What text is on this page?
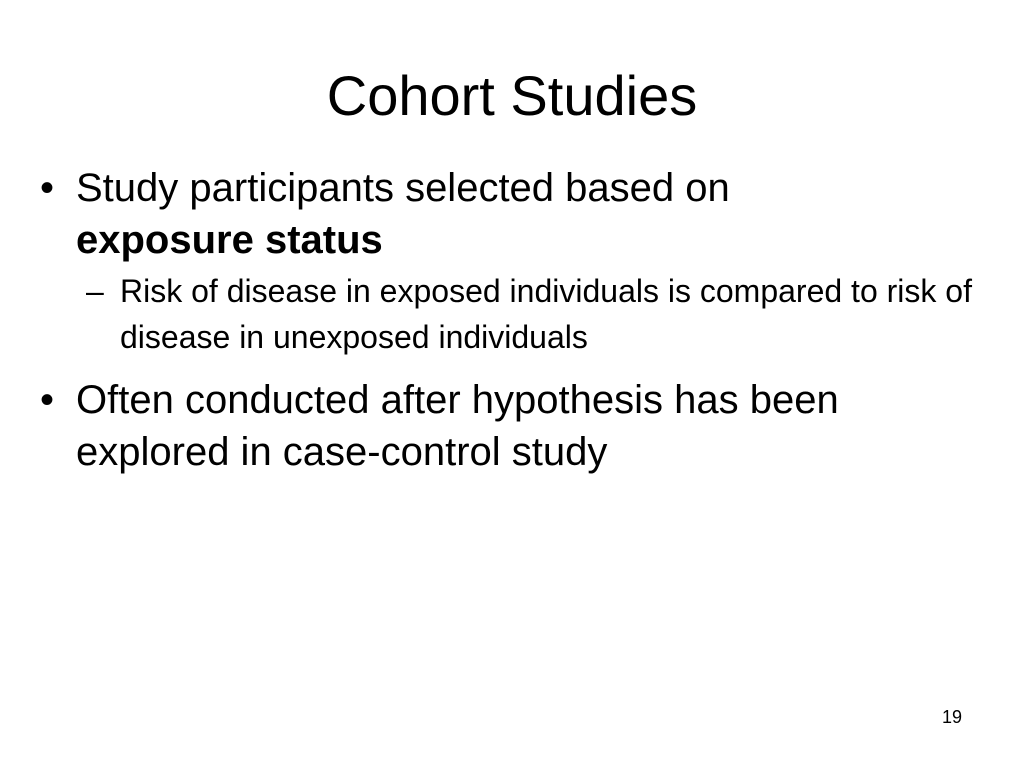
Cohort Studies
• Study participants selected based on
exposure status
– Risk of disease in exposed individuals is compared to risk of disease in unexposed individuals
• Often conducted after hypothesis has been explored in case-control study
19
